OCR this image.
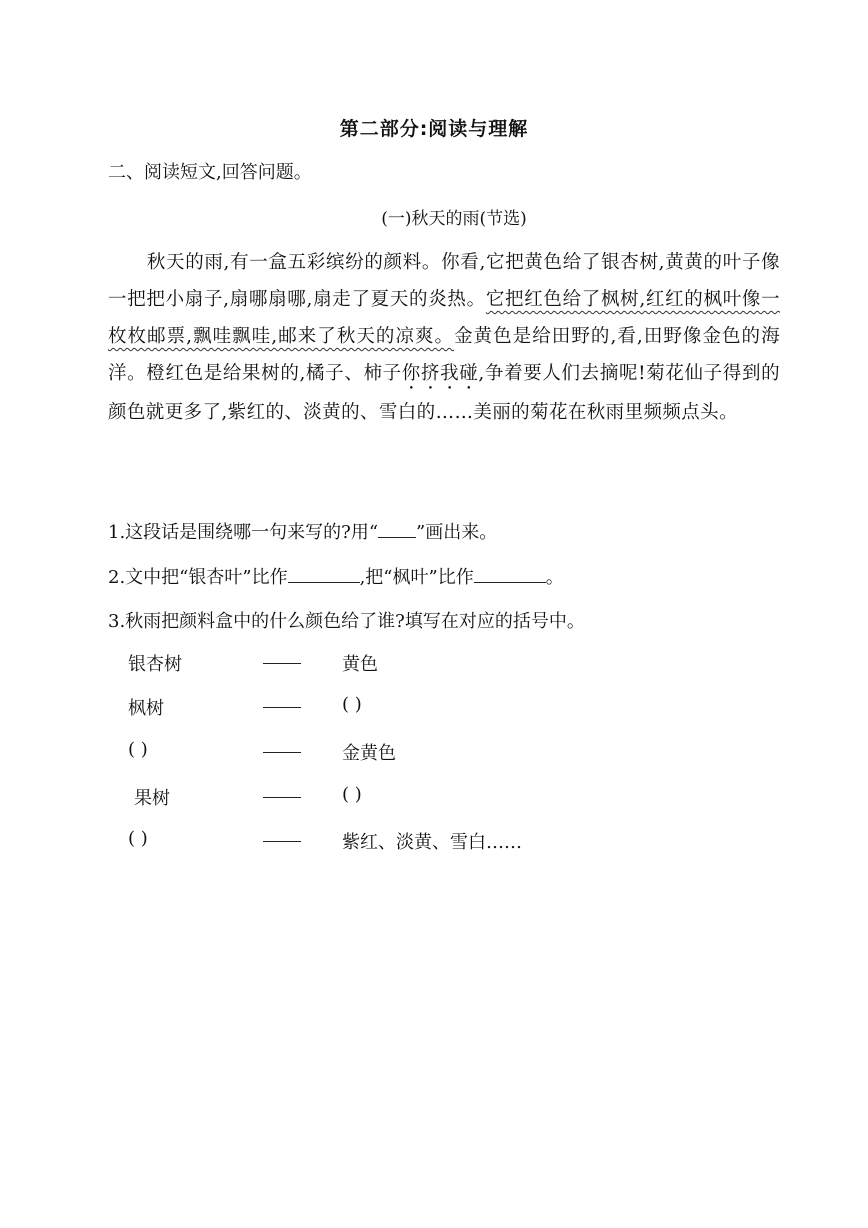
第二部分:阅读与理解
二、阅读短文,回答问题。
(一)秋天的雨(节选)

秋天的雨,有一盒五彩缤纷的颜料。你看,它把黄色给了银杏树,黄黄的叶子像一把把小扇子,扇哪扇哪,扇走了夏天的炎热。它把红色给了枫树,红红的枫叶像一枚枚邮票,飘哇飘哇,邮来了秋天的凉爽。金黄色是给田野的,看,田野像金色的海洋。橙红色是给果树的,橘子、柿子你挤我碰,争着要人们去摘呢!菊花仙子得到的颜色就更多了,紫红的、淡黄的、雪白的……美丽的菊花在秋雨里频频点头。

1.这段话是围绕哪一句来写的?用“ ”画出来。
2.文中把“银杏叶”比作	,把“枫叶”比作	。
3.秋雨把颜料盒中的什么颜色给了谁?填写在对应的括号中。
银杏树	黄色
枫树	( )
( )	金黄色
果树	( )
( )	紫红、淡黄、雪白……
